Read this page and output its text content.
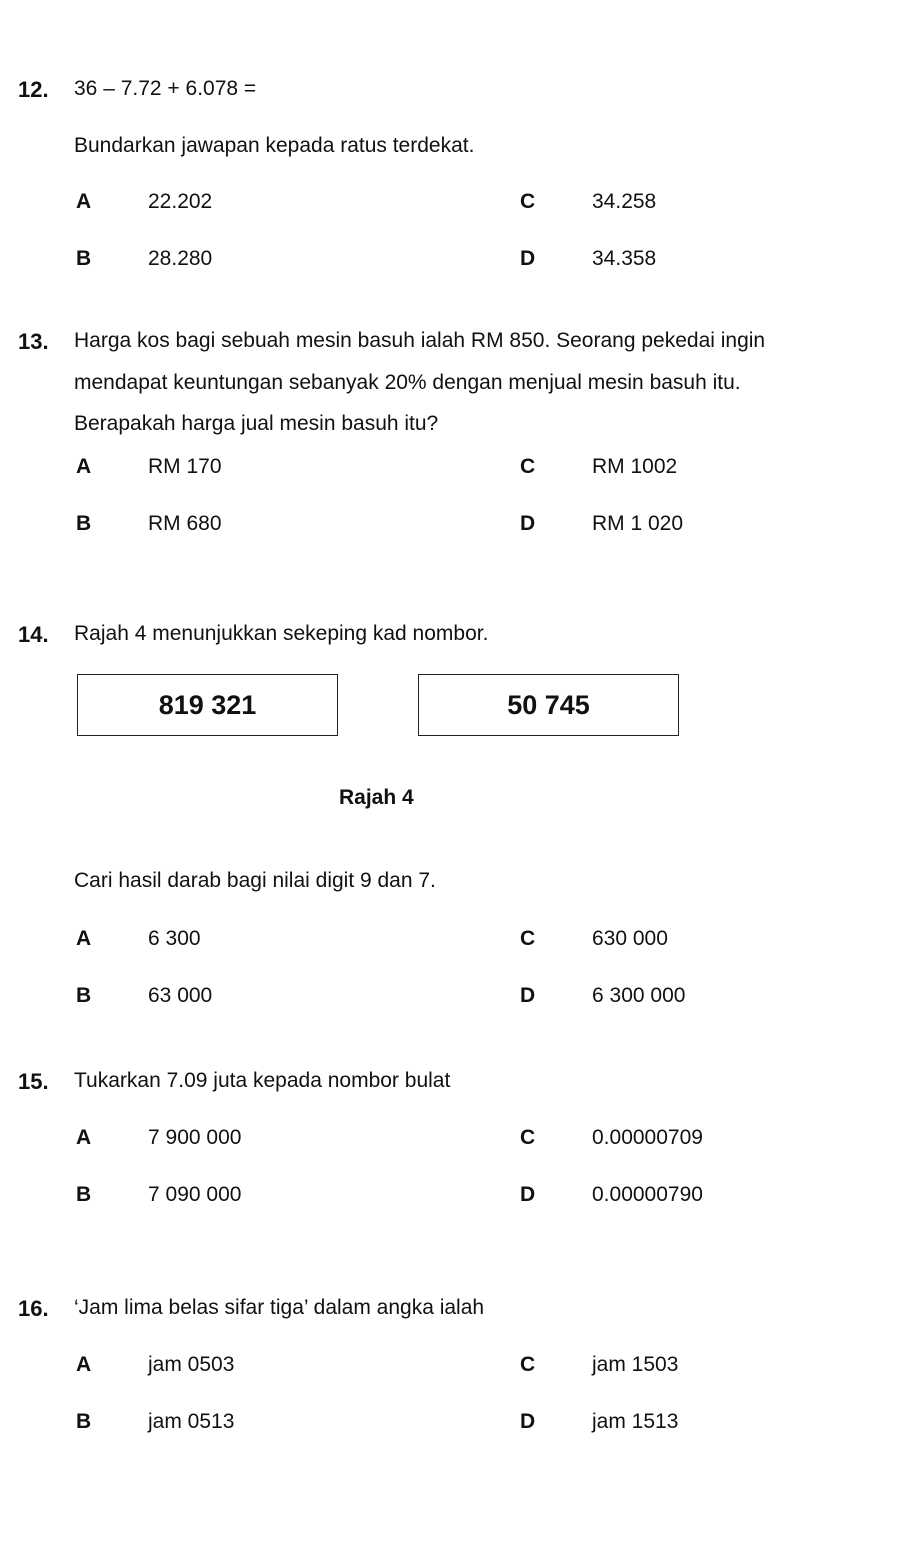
12. 36 – 7.72 + 6.078 =
Bundarkan jawapan kepada ratus terdekat.
A	22.202
B	28.280
C	34.258
D	34.358
13. Harga kos bagi sebuah mesin basuh ialah RM 850. Seorang pekedai ingin
mendapat keuntungan sebanyak 20% dengan menjual mesin basuh itu.
Berapakah harga jual mesin basuh itu?
A	RM 170
B	RM 680
C	RM 1002
D	RM 1 020
14. Rajah 4 menunjukkan sekeping kad nombor.
819 321	50 745
Rajah 4
Cari hasil darab bagi nilai digit 9 dan 7.
A	6 300
B	63 000
C	630 000
D	6 300 000
15. Tukarkan 7.09 juta kepada nombor bulat
A	7 900 000
B	7 090 000
C	0.00000709
D	0.00000790
16. ‘Jam lima belas sifar tiga’ dalam angka ialah
A	jam 0503
B	jam 0513
C	jam 1503
D	jam 1513
